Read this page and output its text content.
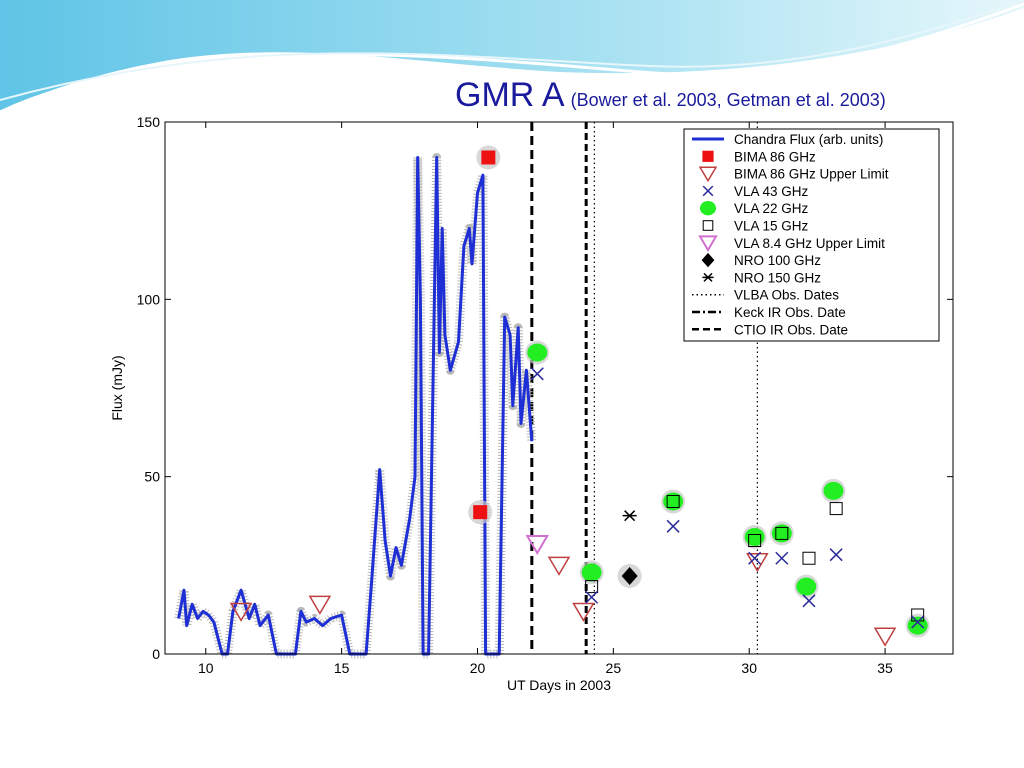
GMR A (Bower et al. 2003, Getman et al. 2003)
10	15	20	25	30	35
0
50
100
150
UT Days in 2003
Flux (mJy)
Chandra Flux (arb. units)
BIMA 86 GHz
BIMA 86 GHz Upper Limit
VLA 43 GHz
VLA 22 GHz
VLA 15 GHz
VLA 8.4 GHz Upper Limit
NRO 100 GHz
NRO 150 GHz
VLBA Obs. Dates
Keck IR Obs. Date
CTIO IR Obs. Date
